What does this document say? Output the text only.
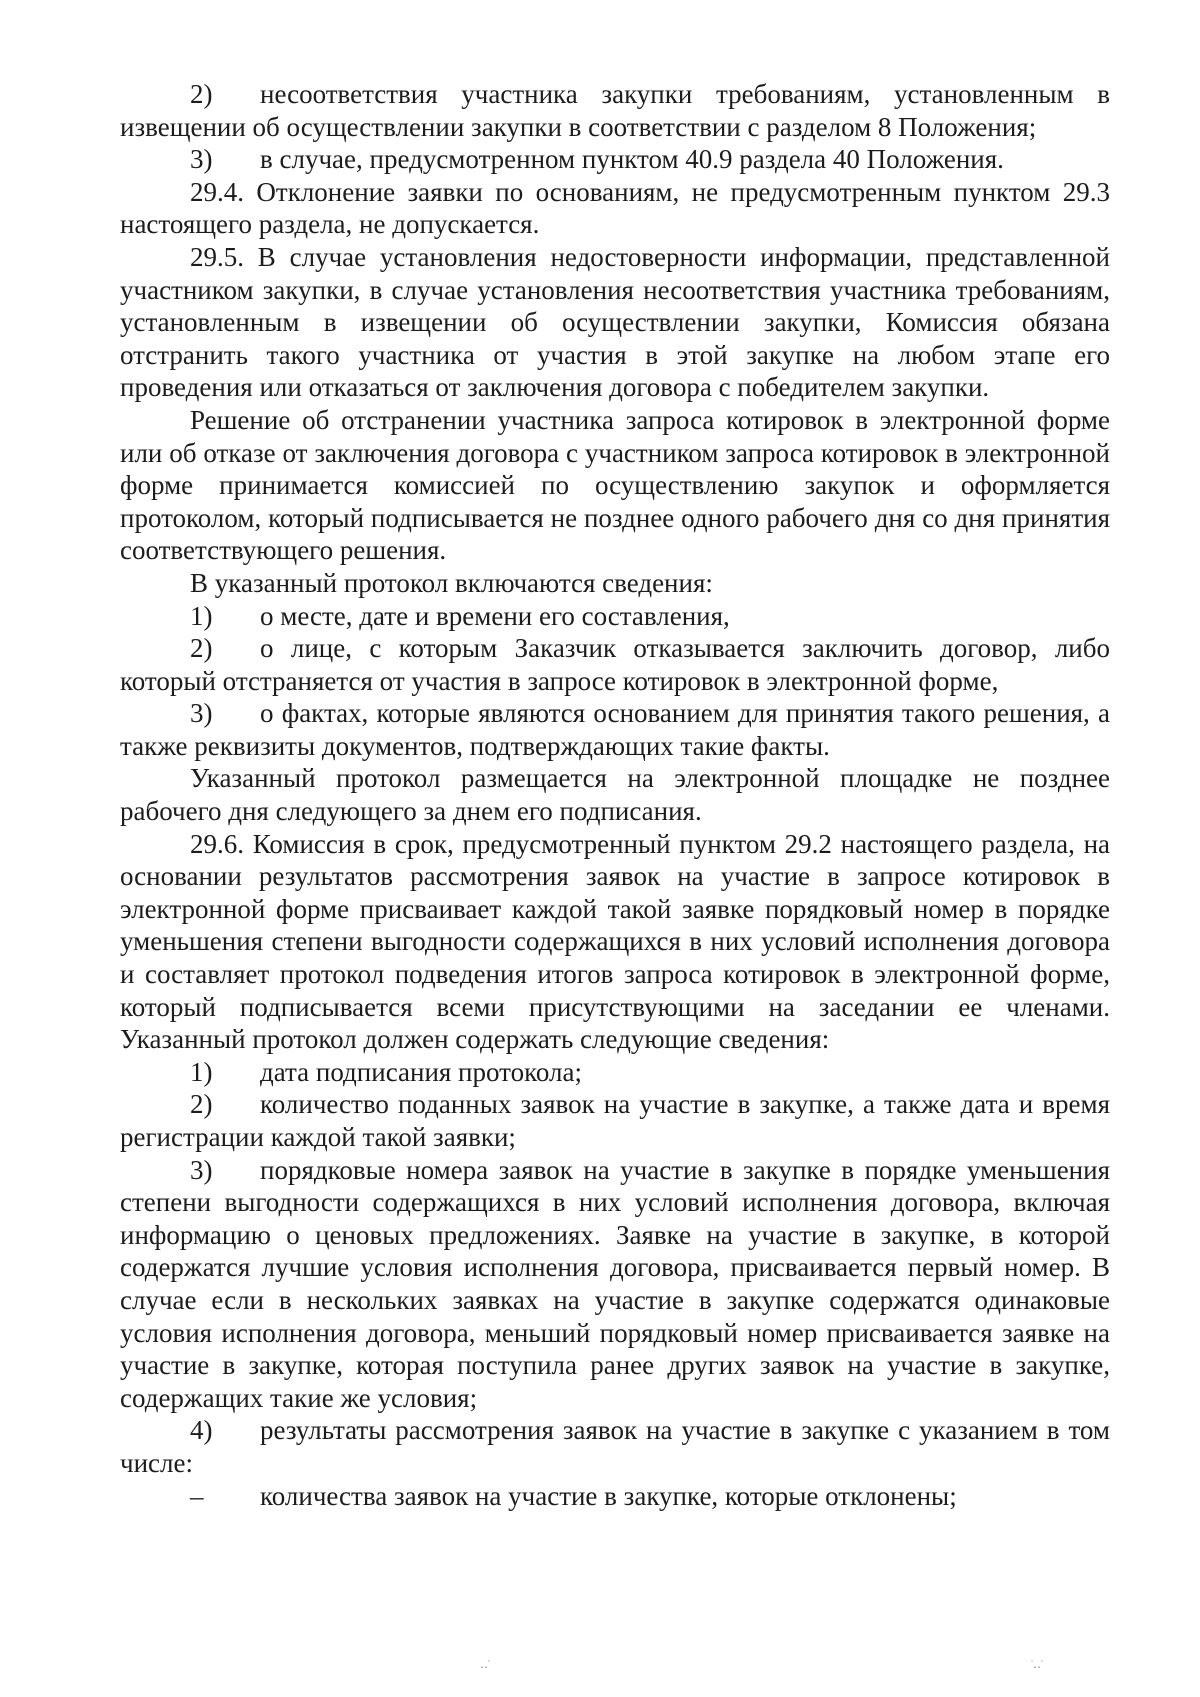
2) несоответствия участника закупки требованиям, установленным в извещении об осуществлении закупки в соответствии с разделом 8 Положения;

3) в случае, предусмотренном пунктом 40.9 раздела 40 Положения.

29.4. Отклонение заявки по основаниям, не предусмотренным пунктом 29.3 настоящего раздела, не допускается.

29.5. В случае установления недостоверности информации, представленной участником закупки, в случае установления несоответствия участника требованиям, установленным в извещении об осуществлении закупки, Комиссия обязана отстранить такого участника от участия в этой закупке на любом этапе его проведения или отказаться от заключения договора с победителем закупки.

Решение об отстранении участника запроса котировок в электронной форме или об отказе от заключения договора с участником запроса котировок в электронной форме принимается комиссией по осуществлению закупок и оформляется протоколом, который подписывается не позднее одного рабочего дня со дня принятия соответствующего решения.

В указанный протокол включаются сведения:

1) о месте, дате и времени его составления,

2) о лице, с которым Заказчик отказывается заключить договор, либо который отстраняется от участия в запросе котировок в электронной форме,

3) о фактах, которые являются основанием для принятия такого решения, а также реквизиты документов, подтверждающих такие факты.

Указанный протокол размещается на электронной площадке не позднее рабочего дня следующего за днем его подписания.

29.6. Комиссия в срок, предусмотренный пунктом 29.2 настоящего раздела, на основании результатов рассмотрения заявок на участие в запросе котировок в электронной форме присваивает каждой такой заявке порядковый номер в порядке уменьшения степени выгодности содержащихся в них условий исполнения договора и составляет протокол подведения итогов запроса котировок в электронной форме, который подписывается всеми присутствующими на заседании ее членами. Указанный протокол должен содержать следующие сведения:

1) дата подписания протокола;

2) количество поданных заявок на участие в закупке, а также дата и время регистрации каждой такой заявки;

3) порядковые номера заявок на участие в закупке в порядке уменьшения степени выгодности содержащихся в них условий исполнения договора, включая информацию о ценовых предложениях. Заявке на участие в закупке, в которой содержатся лучшие условия исполнения договора, присваивается первый номер. В случае если в нескольких заявках на участие в закупке содержатся одинаковые условия исполнения договора, меньший порядковый номер присваивается заявке на участие в закупке, которая поступила ранее других заявок на участие в закупке, содержащих такие же условия;

4) результаты рассмотрения заявок на участие в закупке с указанием в том числе:

– количества заявок на участие в закупке, которые отклонены;

‥˙	˙‥˙
